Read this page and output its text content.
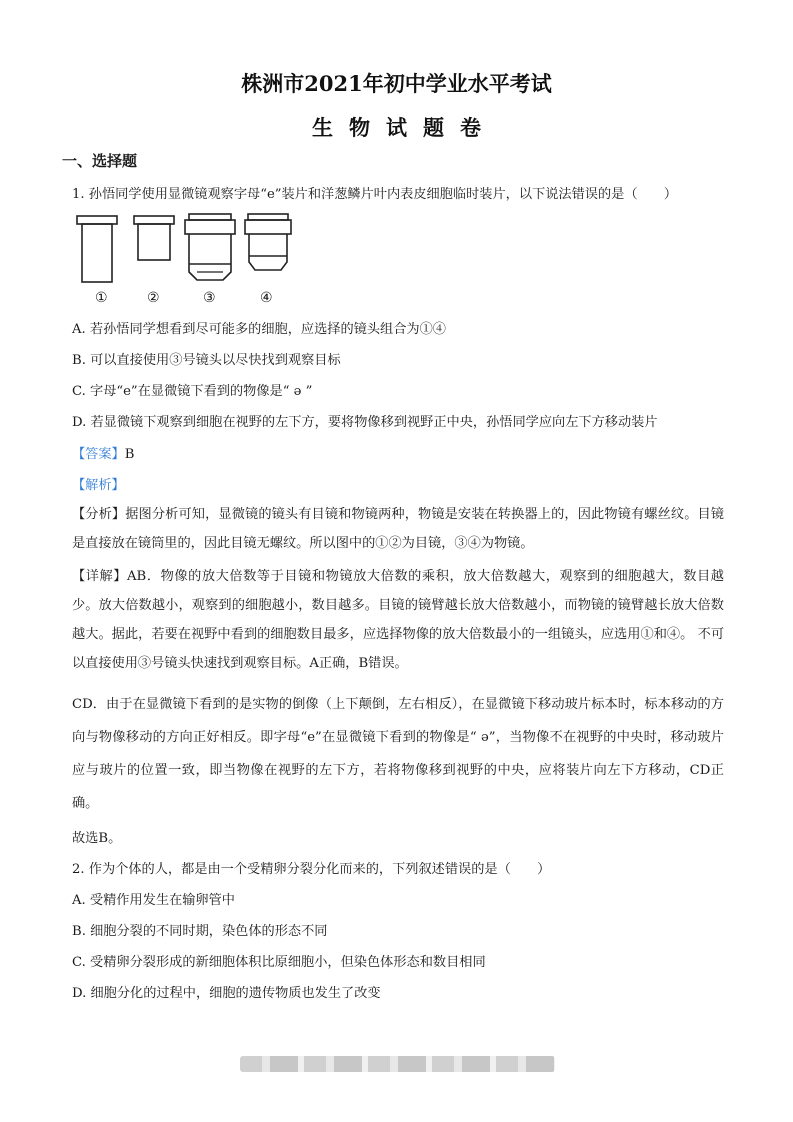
株洲市2021年初中学业水平考试
生物试题卷
一、选择题
1. 孙悟同学使用显微镜观察字母“e”装片和洋葱鳞片叶内表皮细胞临时装片，以下说法错误的是（　　）
①	②	③	④
A. 若孙悟同学想看到尽可能多的细胞，应选择的镜头组合为①④
B. 可以直接使用③号镜头以尽快找到观察目标
C. 字母“e”在显微镜下看到的物像是“ ə ”
D. 若显微镜下观察到细胞在视野的左下方，要将物像移到视野正中央，孙悟同学应向左下方移动装片
【答案】B
【解析】
【分析】据图分析可知，显微镜的镜头有目镜和物镜两种，物镜是安装在转换器上的，因此物镜有螺丝纹。目镜是直接放在镜筒里的，因此目镜无螺纹。所以图中的①②为目镜，③④为物镜。
【详解】AB．物像的放大倍数等于目镜和物镜放大倍数的乘积，放大倍数越大，观察到的细胞越大，数目越少。放大倍数越小，观察到的细胞越小，数目越多。目镜的镜臂越长放大倍数越小，而物镜的镜臂越长放大倍数越大。据此，若要在视野中看到的细胞数目最多，应选择物像的放大倍数最小的一组镜头，应选用①和④。 不可以直接使用③号镜头快速找到观察目标。A正确，B错误。
CD．由于在显微镜下看到的是实物的倒像（上下颠倒，左右相反），在显微镜下移动玻片标本时，标本移动的方向与物像移动的方向正好相反。即字母“e”在显微镜下看到的物像是“ ə”，当物像不在视野的中央时，移动玻片应与玻片的位置一致，即当物像在视野的左下方，若将物像移到视野的中央，应将装片向左下方移动，CD正确。
故选B。
2. 作为个体的人，都是由一个受精卵分裂分化而来的，下列叙述错误的是（　　）
A. 受精作用发生在输卵管中
B. 细胞分裂的不同时期，染色体的形态不同
C. 受精卵分裂形成的新细胞体积比原细胞小，但染色体形态和数目相同
D. 细胞分化的过程中，细胞的遗传物质也发生了改变
